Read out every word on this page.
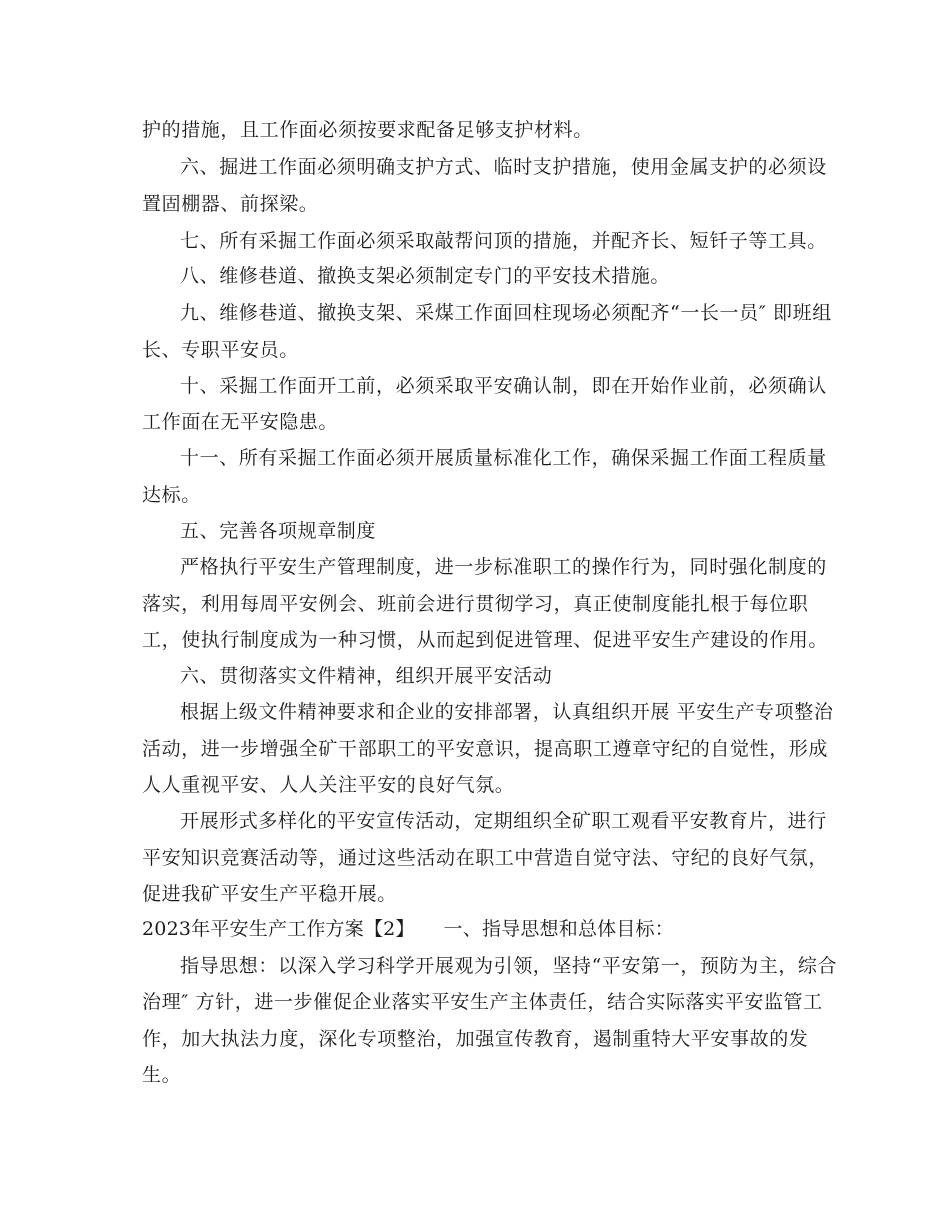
护的措施，且工作面必须按要求配备足够支护材料。
六、掘进工作面必须明确支护方式、临时支护措施，使用金属支护的必须设
置固棚器、前探梁。
七、所有采掘工作面必须采取敲帮问顶的措施，并配齐长、短钎子等工具。
八、维修巷道、撤换支架必须制定专门的平安技术措施。
九、维修巷道、撤换支架、采煤工作面回柱现场必须配齐“一长一员″ 即班组
长、专职平安员。
十、采掘工作面开工前，必须采取平安确认制，即在开始作业前，必须确认
工作面在无平安隐患。
十一、所有采掘工作面必须开展质量标准化工作，确保采掘工作面工程质量
达标。
五、完善各项规章制度
严格执行平安生产管理制度，进一步标准职工的操作行为，同时强化制度的
落实，利用每周平安例会、班前会进行贯彻学习，真正使制度能扎根于每位职
工，使执行制度成为一种习惯，从而起到促进管理、促进平安生产建设的作用。
六、贯彻落实文件精神，组织开展平安活动
根据上级文件精神要求和企业的安排部署，认真组织开展 平安生产专项整治
活动，进一步增强全矿干部职工的平安意识，提高职工遵章守纪的自觉性，形成
人人重视平安、人人关注平安的良好气氛。
开展形式多样化的平安宣传活动，定期组织全矿职工观看平安教育片，进行
平安知识竞赛活动等，通过这些活动在职工中营造自觉守法、守纪的良好气氛，
促进我矿平安生产平稳开展。
2023年平安生产工作方案【2】　　一、指导思想和总体目标：
指导思想：以深入学习科学开展观为引领，坚持“平安第一，预防为主，综合
治理″ 方针，进一步催促企业落实平安生产主体责任，结合实际落实平安监管工
作，加大执法力度，深化专项整治，加强宣传教育，遏制重特大平安事故的发
生。
